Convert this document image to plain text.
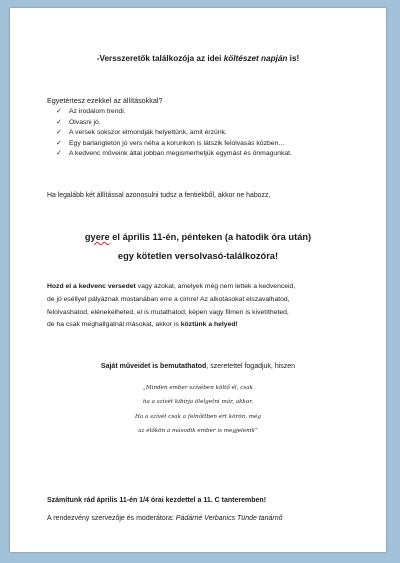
-Versszeretők találkozója az idei költészet napján is!
Egyetértesz ezekkel az állításokkal?
✓ Az irodalom trendi.
✓ Olvasni jó.
✓ A versek sokszor elmondják helyettünk, amit érzünk.
✓ Egy barlangteton jó vers néha a korunkon is látszik felolvasás közben…
✓ A kedvenc műveink által jobban megismerhetjük egymást és önmagunkat.
Ha legalább két állítással azonosulni tudsz a fentiekből, akkor ne habozz,
gyere el április 11-én, pénteken (a hatodik óra után)
egy kötetlen versolvasó-találkozóra!
Hozd el a kedvenc versedet vagy azokat, amelyek még nem lettek a kedvenceid,
de jó eséllyel pályáznak mostanában erre a címre! Az alkotásokat elszavalhatod,
felolvashatod, elénekelheted, el is mutathatod, képen vagy filmen is kivetítheted,
de ha csak meghallgatnál másokat, akkor is köztünk a helyed!
Saját műveidet is bemutathatod, szeretettel fogadjuk, hiszen
„Minden ember szívében költő él, csak
ha a szívét kibírja ölelgetni már, akkor.
Ha a szívét csak a felnőttben ért körön, még
az élőkön a második ember is megjelenik”
Számítunk rád április 11-én 1/4 órai kezdettel a 11. C tanteremben!
A rendezvény szervezője és moderátora: Pádárné Verbanics Tünde tanárnő
